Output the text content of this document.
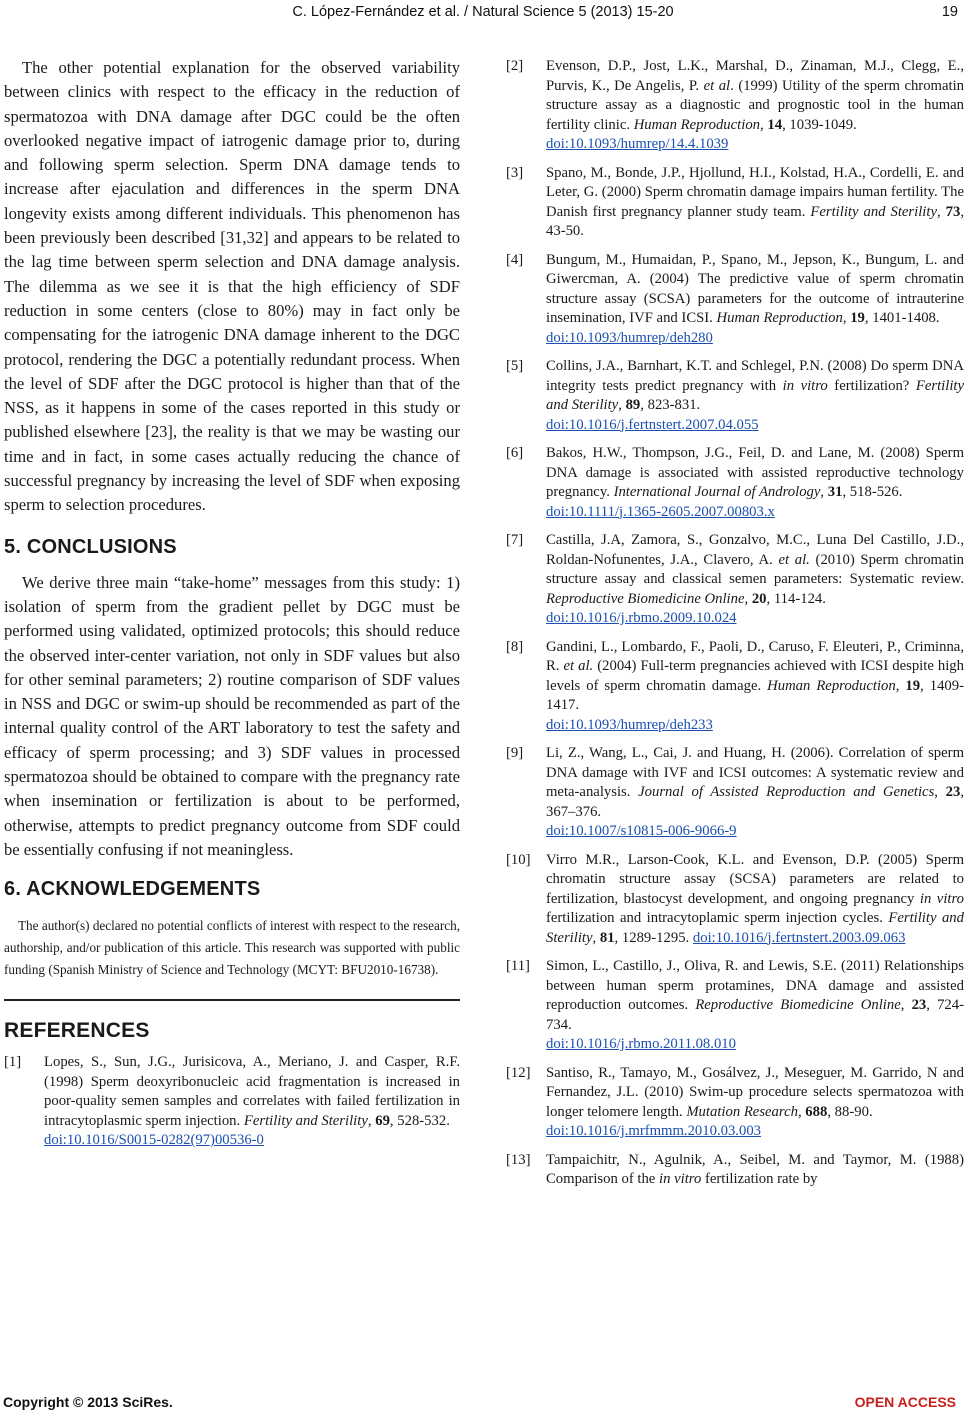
C. López-Fernández et al. / Natural Science 5 (2013) 15-20	19

The other potential explanation for the observed variability between clinics with respect to the efficacy in the reduction of spermatozoa with DNA damage after DGC could be the often overlooked negative impact of iatrogenic damage prior to, during and following sperm selection. Sperm DNA damage tends to increase after ejaculation and differences in the sperm DNA longevity exists among different individuals. This phenomenon has been previously been described [31,32] and appears to be related to the lag time between sperm selection and DNA damage analysis. The dilemma as we see it is that the high efficiency of SDF reduction in some centers (close to 80%) may in fact only be compensating for the iatrogenic DNA damage inherent to the DGC protocol, rendering the DGC a potentially redundant process. When the level of SDF after the DGC protocol is higher than that of the NSS, as it happens in some of the cases reported in this study or published elsewhere [23], the reality is that we may be wasting our time and in fact, in some cases actually reducing the chance of successful pregnancy by increasing the level of SDF when exposing sperm to selection procedures.

5. CONCLUSIONS

We derive three main “take-home” messages from this study: 1) isolation of sperm from the gradient pellet by DGC must be performed using validated, optimized protocols; this should reduce the observed inter-center variation, not only in SDF values but also for other seminal parameters; 2) routine comparison of SDF values in NSS and DGC or swim-up should be recommended as part of the internal quality control of the ART laboratory to test the safety and efficacy of sperm processing; and 3) SDF values in processed spermatozoa should be obtained to compare with the pregnancy rate when insemination or fertilization is about to be performed, otherwise, attempts to predict pregnancy outcome from SDF could be essentially confusing if not meaningless.

6. ACKNOWLEDGEMENTS

The author(s) declared no potential conflicts of interest with respect to the research, authorship, and/or publication of this article. This research was supported with public funding (Spanish Ministry of Science and Technology (MCYT: BFU2010-16738).

REFERENCES

[1] Lopes, S., Sun, J.G., Jurisicova, A., Meriano, J. and Casper, R.F. (1998) Sperm deoxyribonucleic acid fragmentation is increased in poor-quality semen samples and correlates with failed fertilization in intracytoplasmic sperm injection. Fertility and Sterility, 69, 528-532.
doi:10.1016/S0015-0282(97)00536-0

[2] Evenson, D.P., Jost, L.K., Marshal, D., Zinaman, M.J., Clegg, E., Purvis, K., De Angelis, P. et al. (1999) Utility of the sperm chromatin structure assay as a diagnostic and prognostic tool in the human fertility clinic. Human Reproduction, 14, 1039-1049.
doi:10.1093/humrep/14.4.1039

[3] Spano, M., Bonde, J.P., Hjollund, H.I., Kolstad, H.A., Cordelli, E. and Leter, G. (2000) Sperm chromatin damage impairs human fertility. The Danish first pregnancy planner study team. Fertility and Sterility, 73, 43-50.

[4] Bungum, M., Humaidan, P., Spano, M., Jepson, K., Bungum, L. and Giwercman, A. (2004) The predictive value of sperm chromatin structure assay (SCSA) parameters for the outcome of intrauterine insemination, IVF and ICSI. Human Reproduction, 19, 1401-1408.
doi:10.1093/humrep/deh280

[5] Collins, J.A., Barnhart, K.T. and Schlegel, P.N. (2008) Do sperm DNA integrity tests predict pregnancy with in vitro fertilization? Fertility and Sterility, 89, 823-831.
doi:10.1016/j.fertnstert.2007.04.055

[6] Bakos, H.W., Thompson, J.G., Feil, D. and Lane, M. (2008) Sperm DNA damage is associated with assisted reproductive technology pregnancy. International Journal of Andrology, 31, 518-526.
doi:10.1111/j.1365-2605.2007.00803.x

[7] Castilla, J.A, Zamora, S., Gonzalvo, M.C., Luna Del Castillo, J.D., Roldan-Nofunentes, J.A., Clavero, A. et al. (2010) Sperm chromatin structure assay and classical semen parameters: Systematic review. Reproductive Biomedicine Online, 20, 114-124.
doi:10.1016/j.rbmo.2009.10.024

[8] Gandini, L., Lombardo, F., Paoli, D., Caruso, F. Eleuteri, P., Criminna, R. et al. (2004) Full-term pregnancies achieved with ICSI despite high levels of sperm chromatin damage. Human Reproduction, 19, 1409-1417.
doi:10.1093/humrep/deh233

[9] Li, Z., Wang, L., Cai, J. and Huang, H. (2006). Correlation of sperm DNA damage with IVF and ICSI outcomes: A systematic review and meta-analysis. Journal of Assisted Reproduction and Genetics, 23, 367–376.
doi:10.1007/s10815-006-9066-9

[10] Virro M.R., Larson-Cook, K.L. and Evenson, D.P. (2005) Sperm chromatin structure assay (SCSA) parameters are related to fertilization, blastocyst development, and ongoing pregnancy in vitro fertilization and intracytoplamic sperm injection cycles. Fertility and Sterility, 81, 1289-1295. doi:10.1016/j.fertnstert.2003.09.063

[11] Simon, L., Castillo, J., Oliva, R. and Lewis, S.E. (2011) Relationships between human sperm protamines, DNA damage and assisted reproduction outcomes. Reproductive Biomedicine Online, 23, 724-734.
doi:10.1016/j.rbmo.2011.08.010

[12] Santiso, R., Tamayo, M., Gosálvez, J., Meseguer, M. Garrido, N and Fernandez, J.L. (2010) Swim-up procedure selects spermatozoa with longer telomere length. Mutation Research, 688, 88-90.
doi:10.1016/j.mrfmmm.2010.03.003

[13] Tampaichitr, N., Agulnik, A., Seibel, M. and Taymor, M. (1988) Comparison of the in vitro fertilization rate by

Copyright © 2013 SciRes.	OPEN ACCESS
